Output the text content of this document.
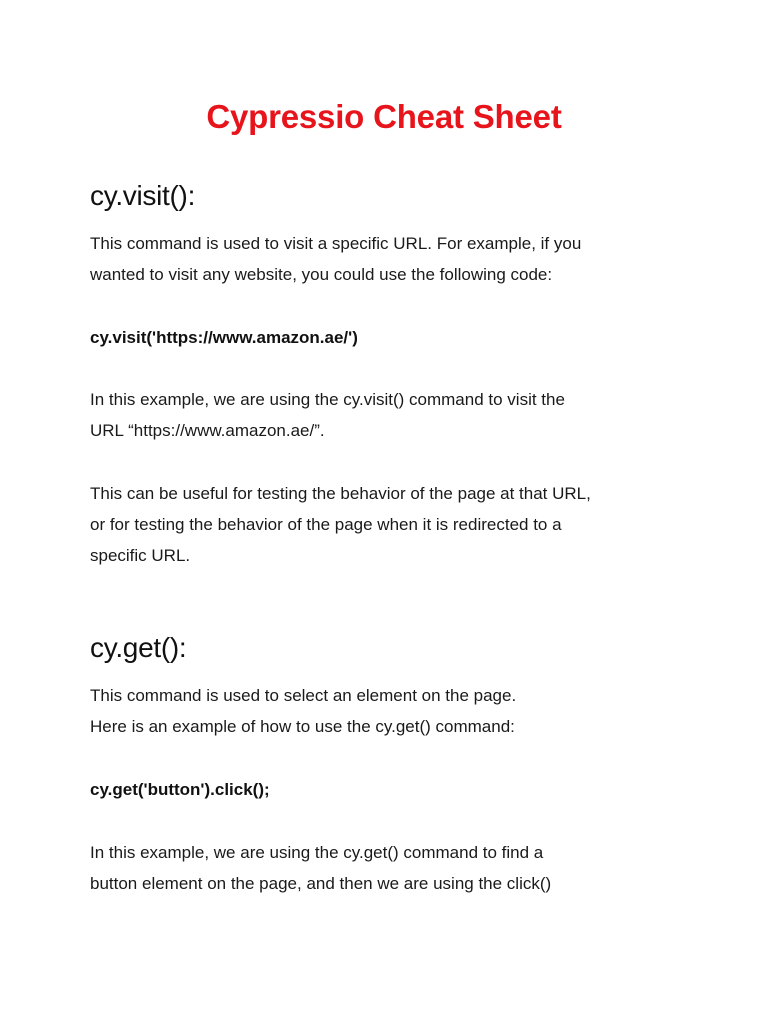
Cypressio Cheat Sheet
cy.visit():
This command is used to visit a specific URL. For example, if you
wanted to visit any website, you could use the following code:
cy.visit('https://www.amazon.ae/')
In this example, we are using the cy.visit() command to visit the
URL “https://www.amazon.ae/”.
This can be useful for testing the behavior of the page at that URL,
or for testing the behavior of the page when it is redirected to a
specific URL.
cy.get():
This command is used to select an element on the page.
Here is an example of how to use the cy.get() command:
cy.get('button').click();
In this example, we are using the cy.get() command to find a
button element on the page, and then we are using the click()
